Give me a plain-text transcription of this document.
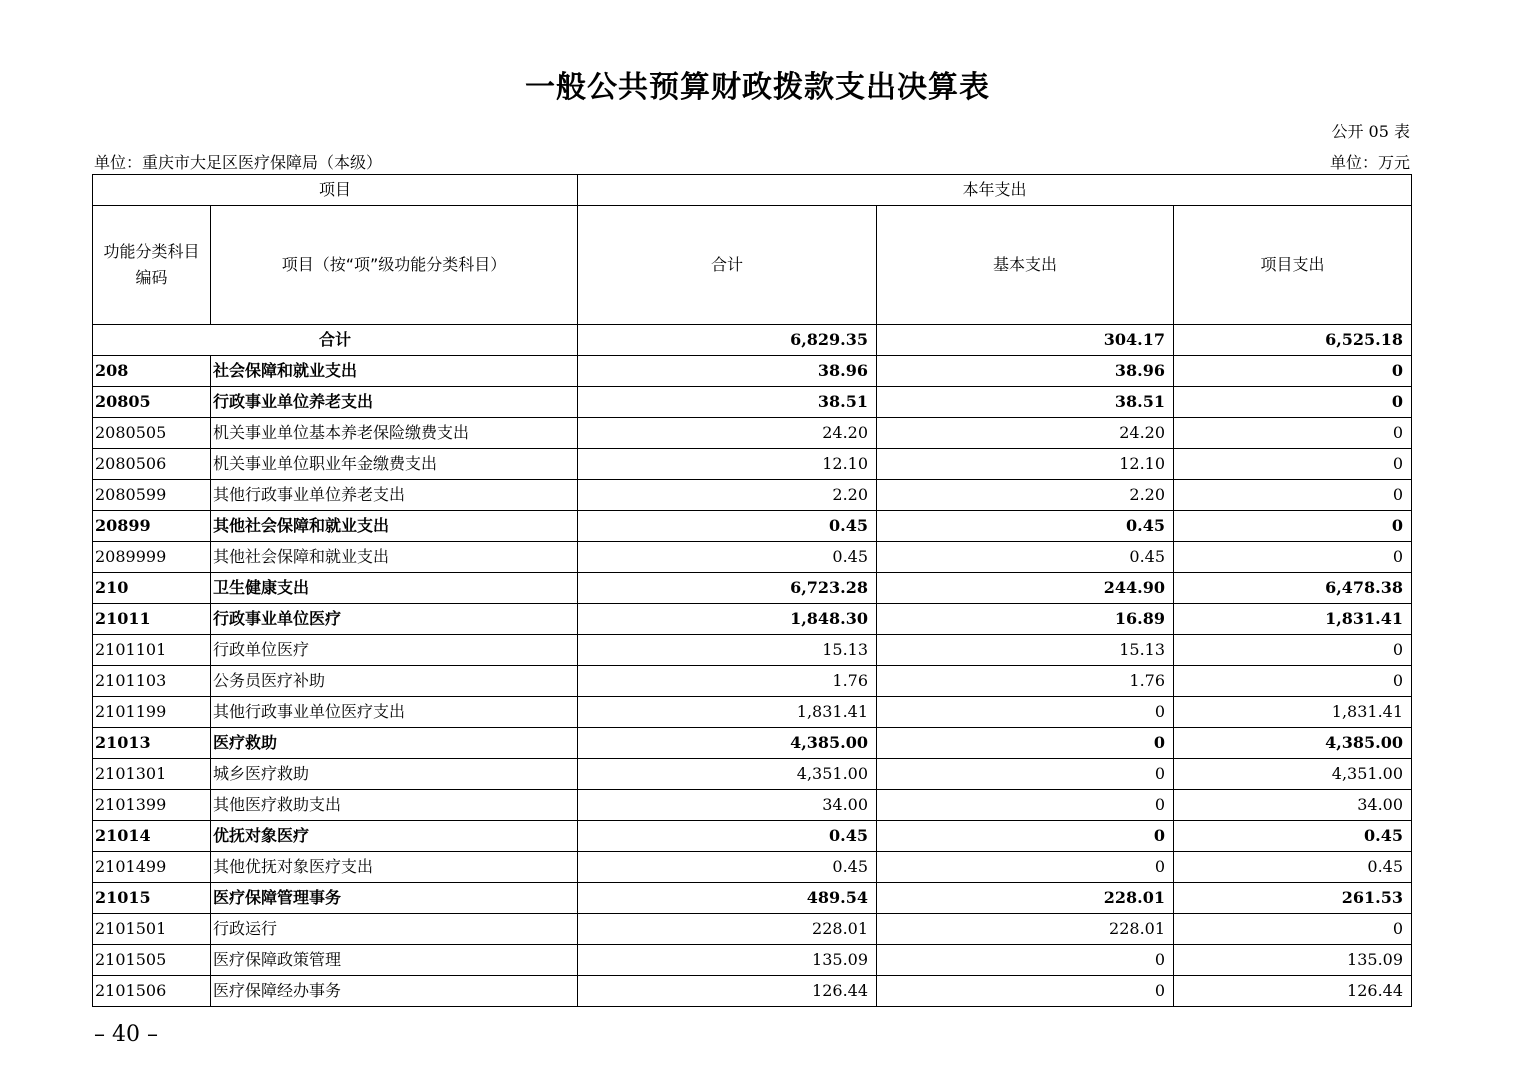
一般公共预算财政拨款支出决算表
公开 05 表
单位：重庆市大足区医疗保障局（本级）	单位：万元
项目		本年支出		
功能分类科目编码	项目（按“项”级功能分类科目）	合计	基本支出	项目支出
合计		6,829.35	304.17	6,525.18
208	社会保障和就业支出	38.96	38.96	0
20805	行政事业单位养老支出	38.51	38.51	0
2080505	机关事业单位基本养老保险缴费支出	24.20	24.20	0
2080506	机关事业单位职业年金缴费支出	12.10	12.10	0
2080599	其他行政事业单位养老支出	2.20	2.20	0
20899	其他社会保障和就业支出	0.45	0.45	0
2089999	其他社会保障和就业支出	0.45	0.45	0
210	卫生健康支出	6,723.28	244.90	6,478.38
21011	行政事业单位医疗	1,848.30	16.89	1,831.41
2101101	行政单位医疗	15.13	15.13	0
2101103	公务员医疗补助	1.76	1.76	0
2101199	其他行政事业单位医疗支出	1,831.41	0	1,831.41
21013	医疗救助	4,385.00	0	4,385.00
2101301	城乡医疗救助	4,351.00	0	4,351.00
2101399	其他医疗救助支出	34.00	0	34.00
21014	优抚对象医疗	0.45	0	0.45
2101499	其他优抚对象医疗支出	0.45	0	0.45
21015	医疗保障管理事务	489.54	228.01	261.53
2101501	行政运行	228.01	228.01	0
2101505	医疗保障政策管理	135.09	0	135.09
2101506	医疗保障经办事务	126.44	0	126.44
– 40 –
